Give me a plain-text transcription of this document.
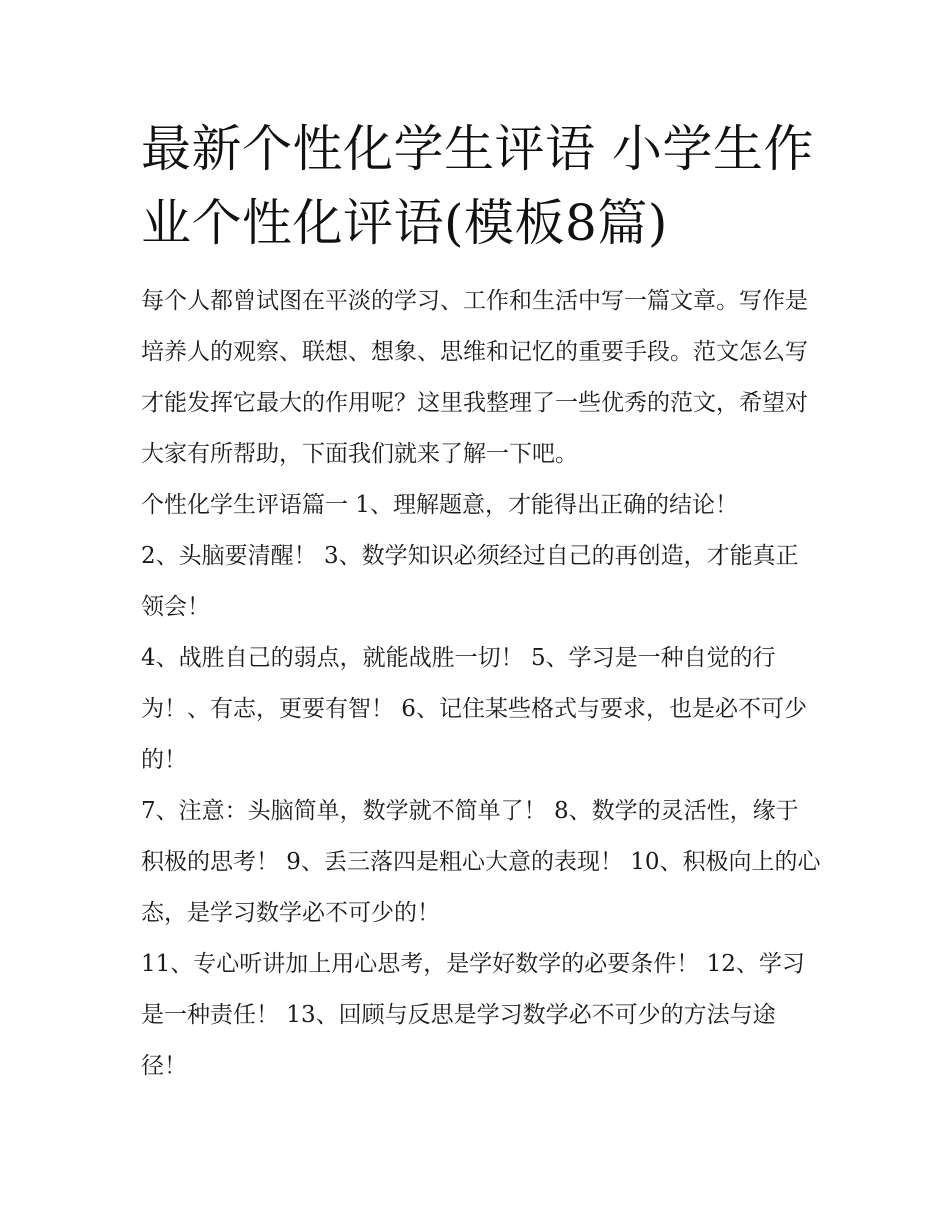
最新个性化学生评语 小学生作业个性化评语(模板8篇)

每个人都曾试图在平淡的学习、工作和生活中写一篇文章。写作是培养人的观察、联想、想象、思维和记忆的重要手段。范文怎么写才能发挥它最大的作用呢？这里我整理了一些优秀的范文，希望对大家有所帮助，下面我们就来了解一下吧。

个性化学生评语篇一 1、理解题意，才能得出正确的结论！

2、头脑要清醒！ 3、数学知识必须经过自己的再创造，才能真正领会！

4、战胜自己的弱点，就能战胜一切！ 5、学习是一种自觉的行为！、有志，更要有智！ 6、记住某些格式与要求，也是必不可少的！

7、注意：头脑简单，数学就不简单了！ 8、数学的灵活性，缘于积极的思考！ 9、丢三落四是粗心大意的表现！ 10、积极向上的心态，是学习数学必不可少的！

11、专心听讲加上用心思考，是学好数学的必要条件！ 12、学习是一种责任！ 13、回顾与反思是学习数学必不可少的方法与途径！
